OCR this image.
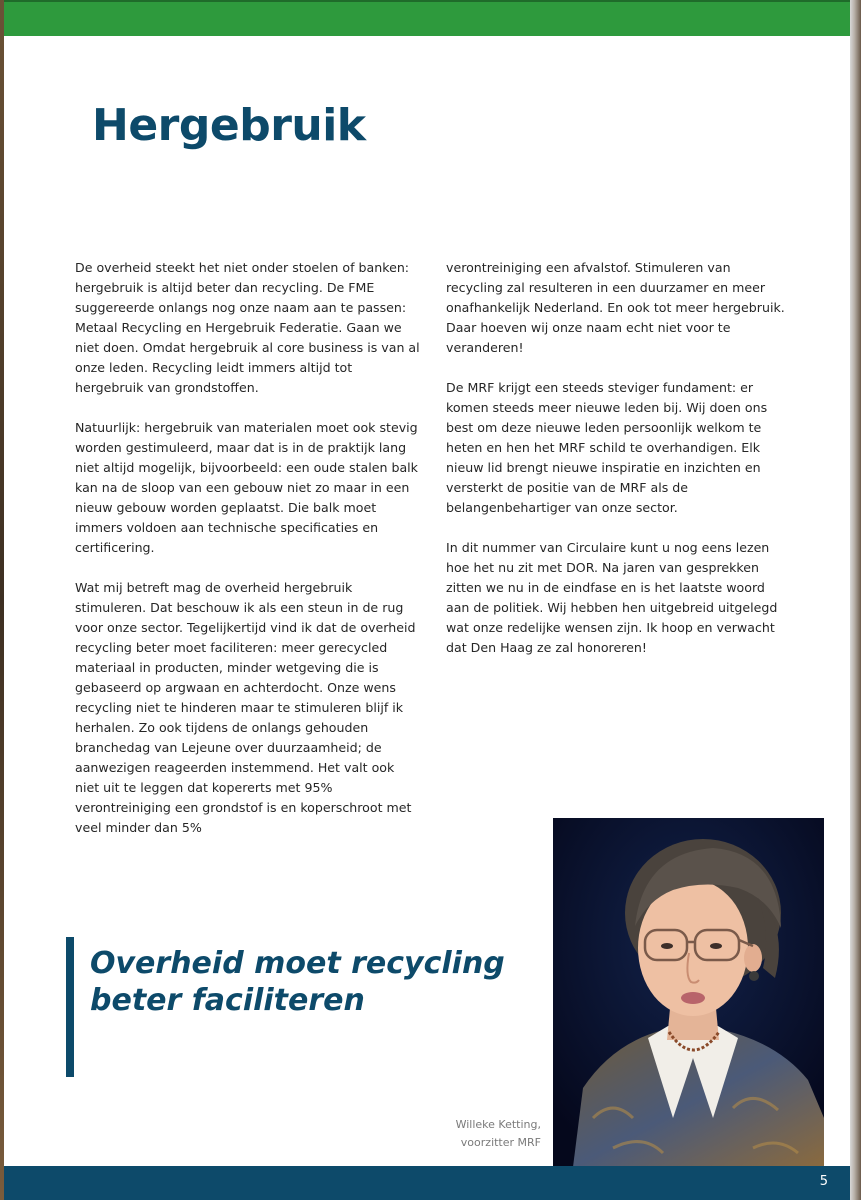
Hergebruik

De overheid steekt het niet onder stoelen of banken: hergebruik is altijd beter dan recycling. De FME suggereerde onlangs nog onze naam aan te passen: Metaal Recycling en Hergebruik Federatie. Gaan we niet doen. Omdat hergebruik al core business is van al onze leden. Recycling leidt immers altijd tot hergebruik van grondstoffen.

Natuurlijk: hergebruik van materialen moet ook stevig worden gestimuleerd, maar dat is in de praktijk lang niet altijd mogelijk, bijvoorbeeld: een oude stalen balk kan na de sloop van een gebouw niet zo maar in een nieuw gebouw worden geplaatst. Die balk moet immers voldoen aan technische specificaties en certificering.

Wat mij betreft mag de overheid hergebruik stimuleren. Dat beschouw ik als een steun in de rug voor onze sector. Tegelijkertijd vind ik dat de overheid recycling beter moet faciliteren: meer gerecycled materiaal in producten, minder wetgeving die is gebaseerd op argwaan en achterdocht. Onze wens recycling niet te hinderen maar te stimuleren blijf ik herhalen. Zo ook tijdens de onlangs gehouden branchedag van Lejeune over duurzaamheid; de aanwezigen reageerden instemmend. Het valt ook niet uit te leggen dat kopererts met 95% verontreiniging een grondstof is en koperschroot met veel minder dan 5%

verontreiniging een afvalstof. Stimuleren van recycling zal resulteren in een duurzamer en meer onafhankelijk Nederland. En ook tot meer hergebruik. Daar hoeven wij onze naam echt niet voor te veranderen!

De MRF krijgt een steeds steviger fundament: er komen steeds meer nieuwe leden bij. Wij doen ons best om deze nieuwe leden persoonlijk welkom te heten en hen het MRF schild te overhandigen. Elk nieuw lid brengt nieuwe inspiratie en inzichten en versterkt de positie van de MRF als de belangenbehartiger van onze sector.

In dit nummer van Circulaire kunt u nog eens lezen hoe het nu zit met DOR. Na jaren van gesprekken zitten we nu in de eindfase en is het laatste woord aan de politiek. Wij hebben hen uitgebreid uitgelegd wat onze redelijke wensen zijn. Ik hoop en verwacht dat Den Haag ze zal honoreren!

Overheid moet recycling beter faciliteren

Willeke Ketting,
voorzitter MRF
5
